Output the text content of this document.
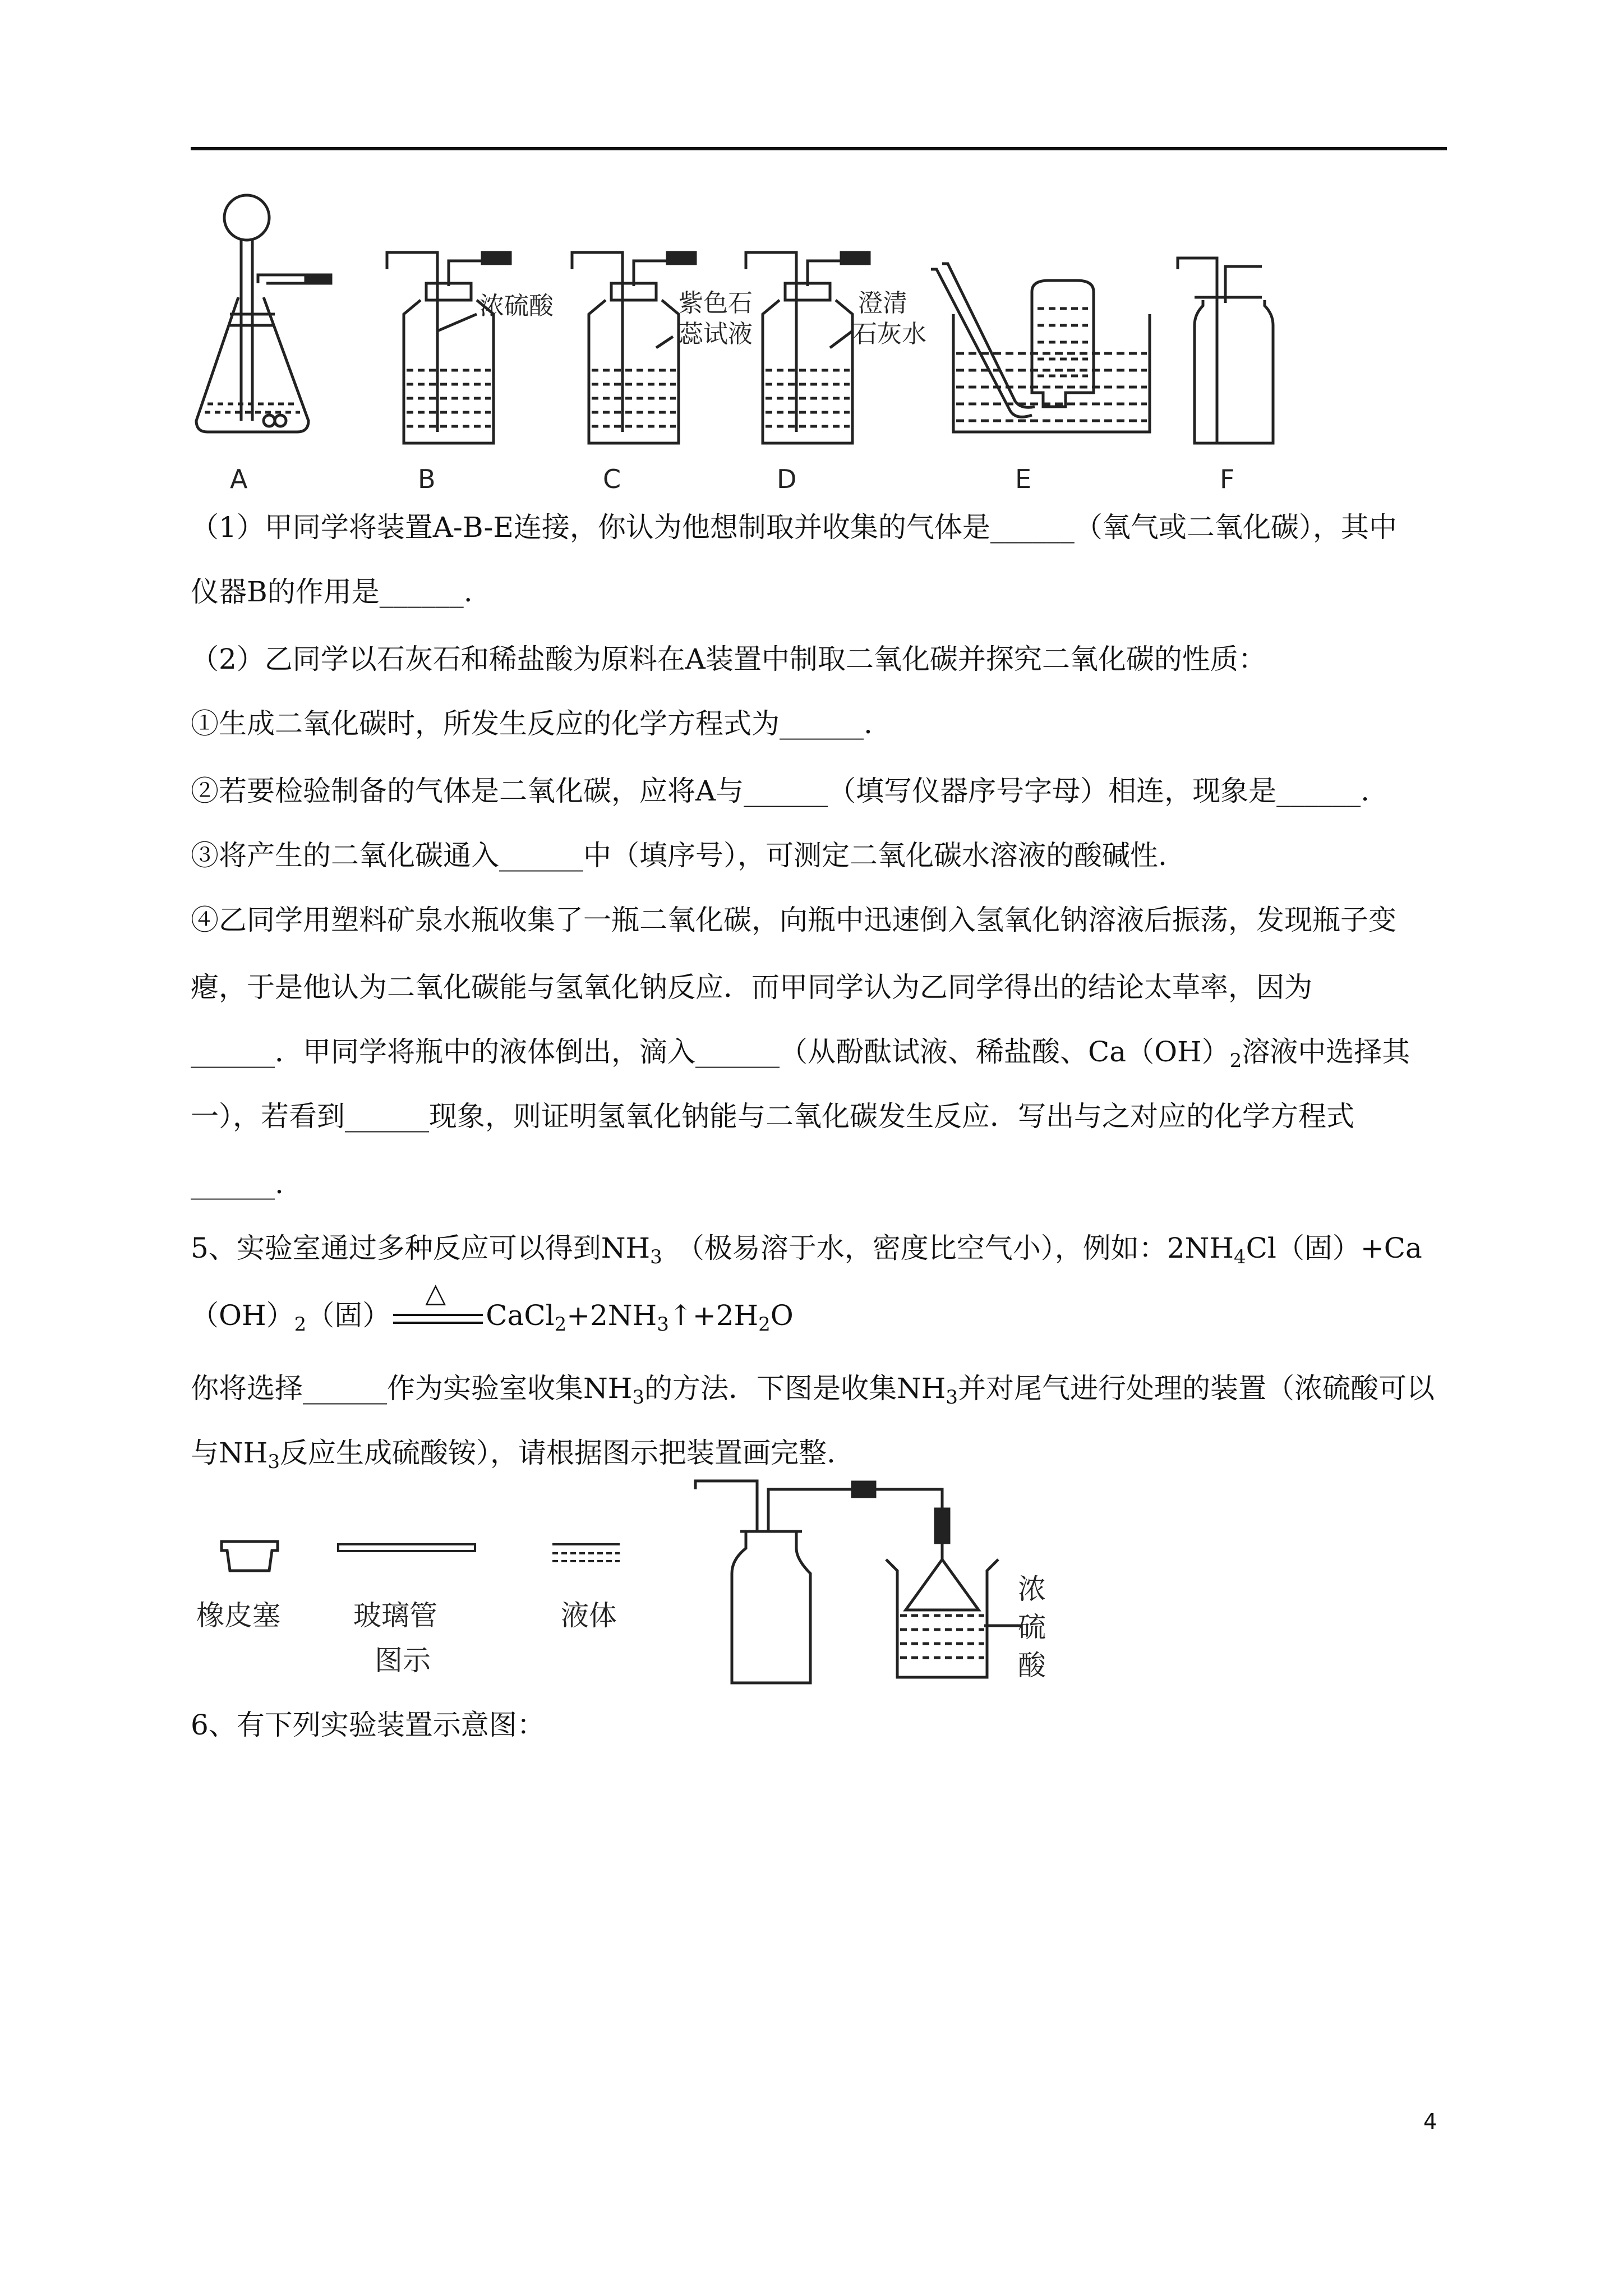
浓硫酸	紫色石
蕊试液
澄清
石灰水
A	B	C	D	E	F
（1）甲同学将装置A-B-E连接，你认为他想制取并收集的气体是______（氧气或二氧化碳），其中
仪器B的作用是______.
（2）乙同学以石灰石和稀盐酸为原料在A装置中制取二氧化碳并探究二氧化碳的性质：
①生成二氧化碳时，所发生反应的化学方程式为______.
②若要检验制备的气体是二氧化碳，应将A与______（填写仪器序号字母）相连，现象是______.
③将产生的二氧化碳通入______中（填序号），可测定二氧化碳水溶液的酸碱性.
④乙同学用塑料矿泉水瓶收集了一瓶二氧化碳，向瓶中迅速倒入氢氧化钠溶液后振荡，发现瓶子变
瘪，于是他认为二氧化碳能与氢氧化钠反应．而甲同学认为乙同学得出的结论太草率，因为
______．甲同学将瓶中的液体倒出，滴入______（从酚酞试液、稀盐酸、$Ca(OH)_2$溶液中选择其
一），若看到______现象，则证明氢氧化钠能与二氧化碳发生反应．写出与之对应的化学方程式
______.
5、实验室通过多种反应可以得到$NH_3$　（极易溶于水，密度比空气小），例如：$2NH_4Cl$（固）+Ca
$(OH)_2$（固）
△
$CaCl_2+2NH_3↑+2H_2O$
你将选择______作为实验室收集$NH_3$的方法．下图是收集$NH_3$并对尾气进行处理的装置（浓硫酸可以
与$NH_3$反应生成硫酸铵），请根据图示把装置画完整.
橡皮塞	玻璃管
图示
液体
浓
硫
酸
6、有下列实验装置示意图：
4
